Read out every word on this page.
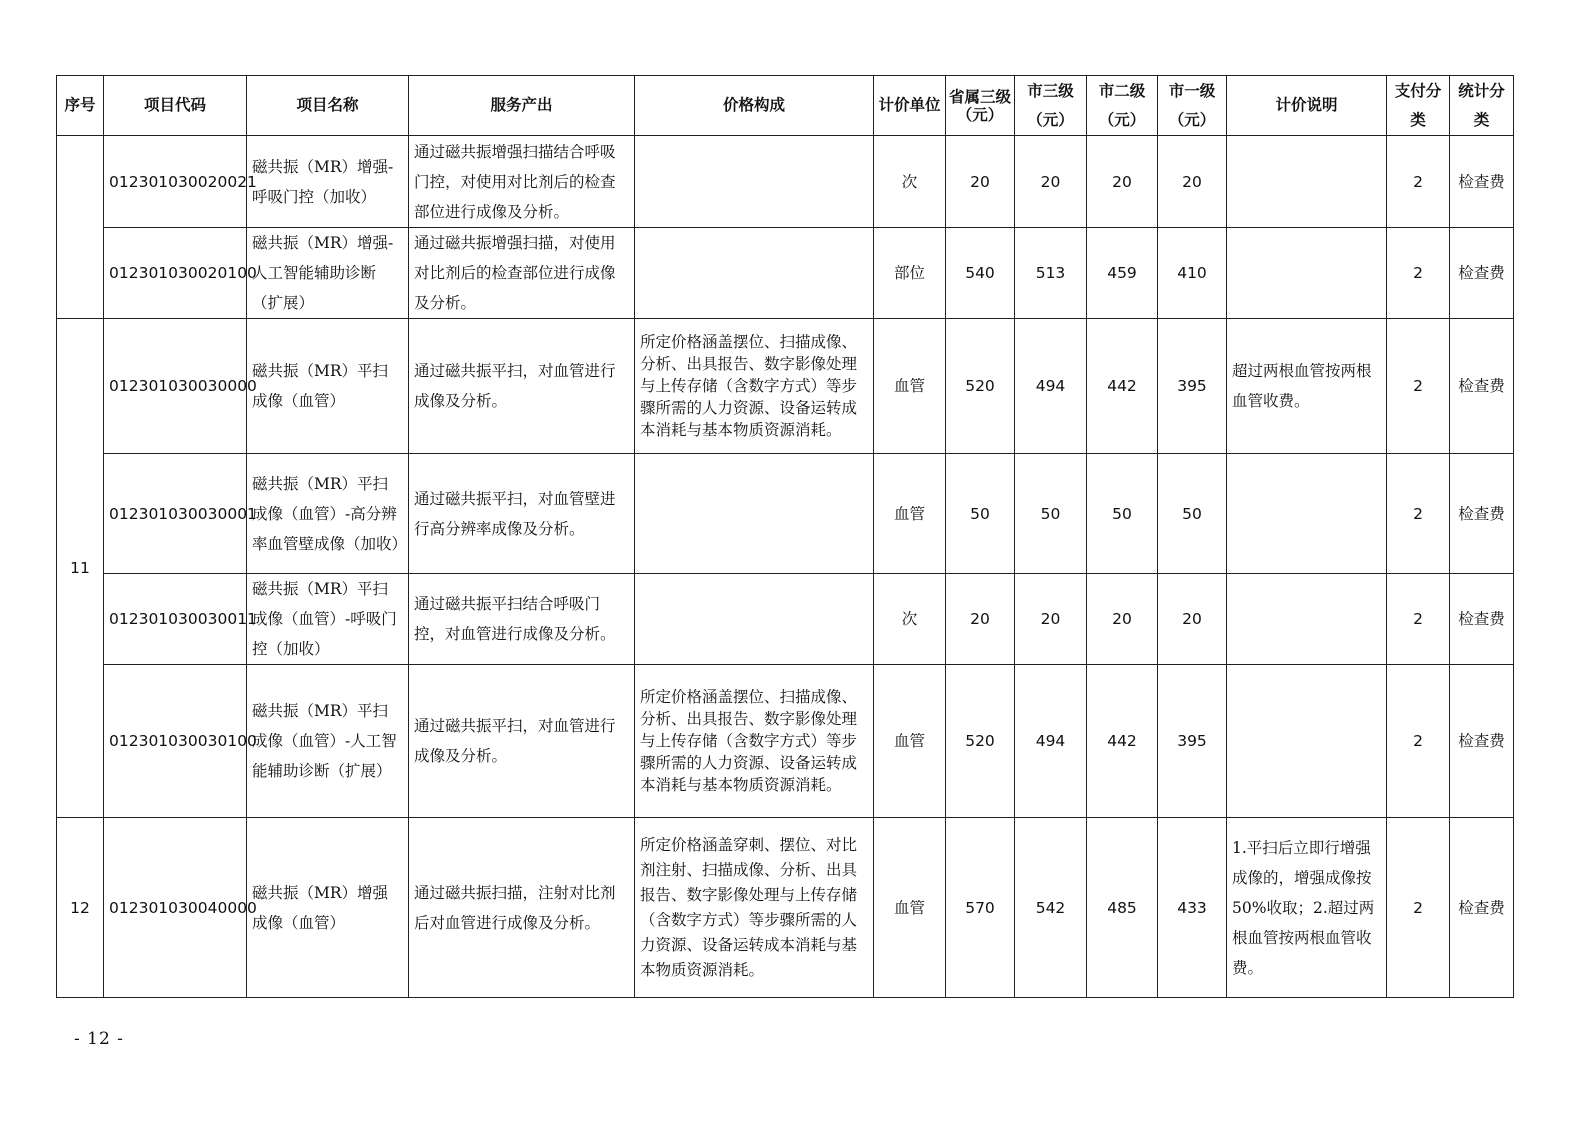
序号	项目代码	项目名称	服务产出	价格构成	计价单位	省属三级（元）	市三级（元）	市二级（元）	市一级（元）	计价说明	支付分类	统计分类
	012301030020021	磁共振（MR）增强-呼吸门控（加收）	通过磁共振增强扫描结合呼吸门控，对使用对比剂后的检查部位进行成像及分析。		次	20	20	20	20		2	检查费
	012301030020100	磁共振（MR）增强-人工智能辅助诊断（扩展）	通过磁共振增强扫描，对使用对比剂后的检查部位进行成像及分析。		部位	540	513	459	410		2	检查费
11	012301030030000	磁共振（MR）平扫成像（血管）	通过磁共振平扫，对血管进行成像及分析。	所定价格涵盖摆位、扫描成像、分析、出具报告、数字影像处理与上传存储（含数字方式）等步骤所需的人力资源、设备运转成本消耗与基本物质资源消耗。	血管	520	494	442	395	超过两根血管按两根血管收费。	2	检查费
	012301030030001	磁共振（MR）平扫成像（血管）-高分辨率血管壁成像（加收）	通过磁共振平扫，对血管壁进行高分辨率成像及分析。		血管	50	50	50	50		2	检查费
	012301030030011	磁共振（MR）平扫成像（血管）-呼吸门控（加收）	通过磁共振平扫结合呼吸门控，对血管进行成像及分析。		次	20	20	20	20		2	检查费
	012301030030100	磁共振（MR）平扫成像（血管）-人工智能辅助诊断（扩展）	通过磁共振平扫，对血管进行成像及分析。	所定价格涵盖摆位、扫描成像、分析、出具报告、数字影像处理与上传存储（含数字方式）等步骤所需的人力资源、设备运转成本消耗与基本物质资源消耗。	血管	520	494	442	395		2	检查费
12	012301030040000	磁共振（MR）增强成像（血管）	通过磁共振扫描，注射对比剂后对血管进行成像及分析。	所定价格涵盖穿刺、摆位、对比剂注射、扫描成像、分析、出具报告、数字影像处理与上传存储（含数字方式）等步骤所需的人力资源、设备运转成本消耗与基本物质资源消耗。	血管	570	542	485	433	1.平扫后立即行增强成像的，增强成像按50%收取；2.超过两根血管按两根血管收费。	2	检查费
- 12 -
